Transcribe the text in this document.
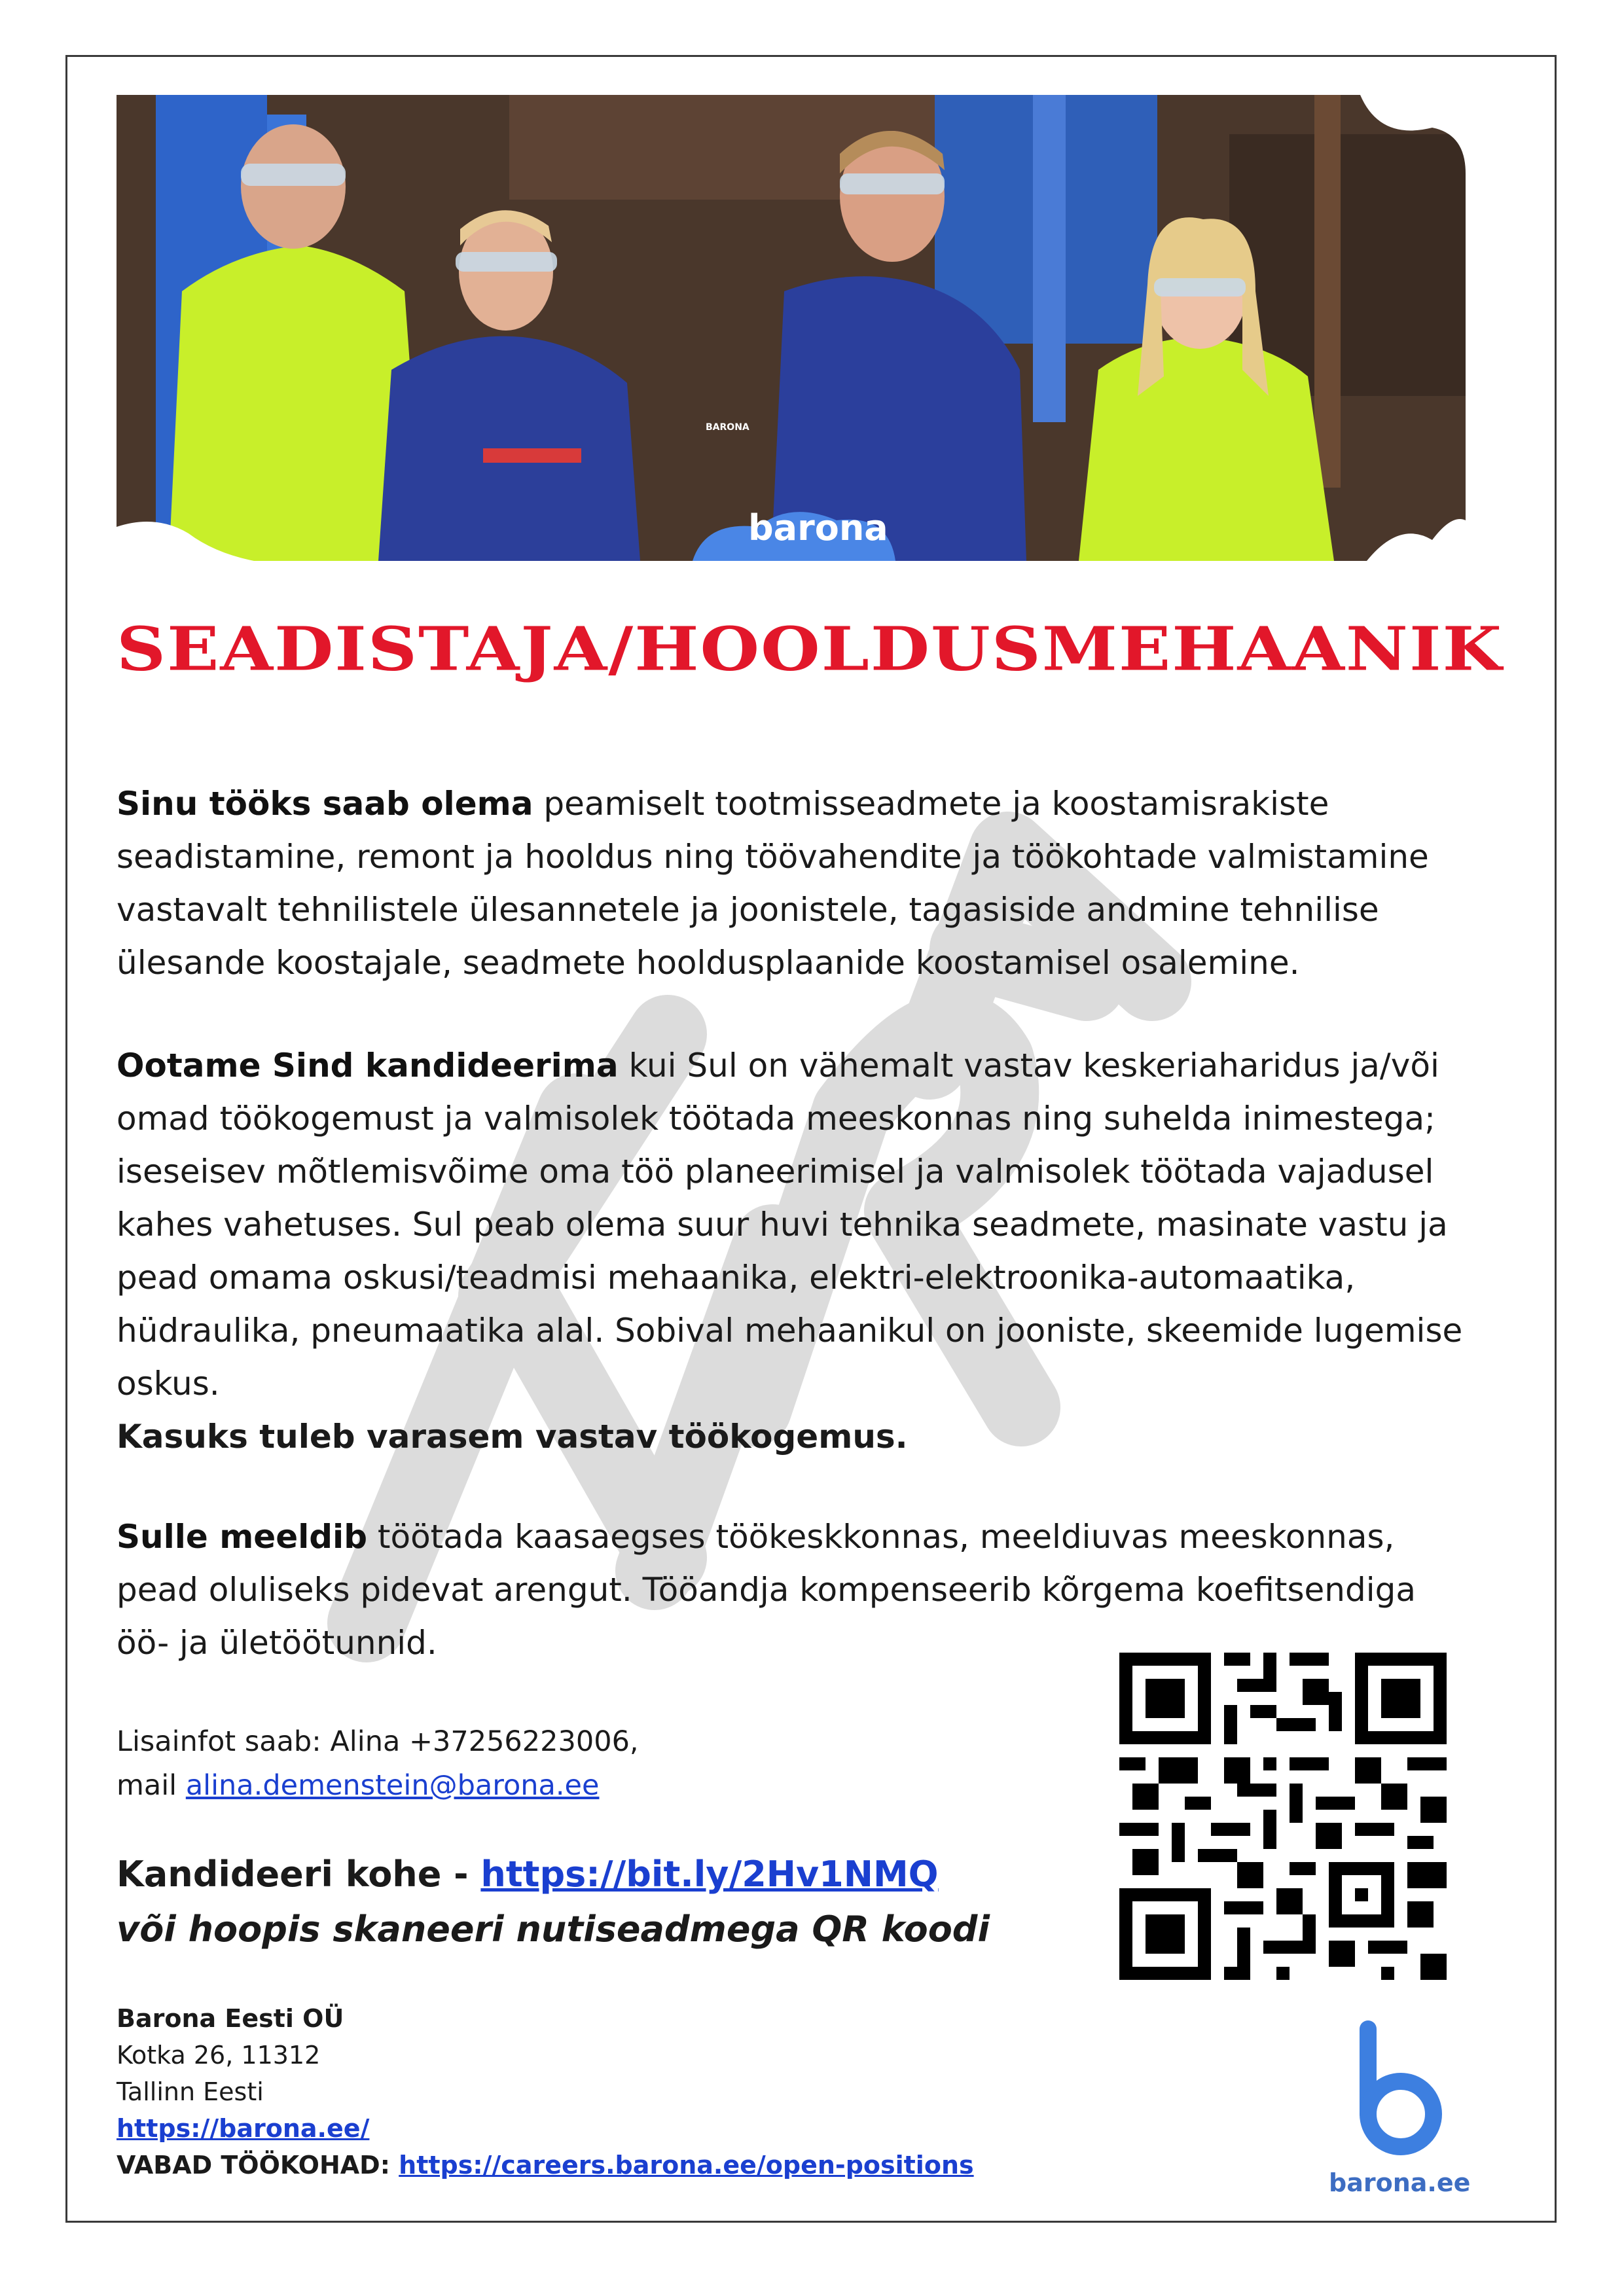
barona
BARONA
SEADISTAJA/HOOLDUSMEHAANIK

Sinu tööks saab olema peamiselt tootmisseadmete ja koostamisrakiste seadistamine, remont ja hooldus ning töövahendite ja töökohtade valmistamine vastavalt tehnilistele ülesannetele ja joonistele, tagasiside andmine tehnilise ülesande koostajale, seadmete hooldusplaanide koostamisel osalemine.

Ootame Sind kandideerima kui Sul on vähemalt vastav keskeriaharidus ja/või omad töökogemust ja valmisolek töötada meeskonnas ning suhelda inimestega; iseseisev mõtlemisvõime oma töö planeerimisel ja valmisolek töötada vajadusel kahes vahetuses. Sul peab olema suur huvi tehnika seadmete, masinate vastu ja pead omama oskusi/teadmisi mehaanika, elektri-elektroonika-automaatika, hüdraulika, pneumaatika alal. Sobival mehaanikul on jooniste, skeemide lugemise oskus.
Kasuks tuleb varasem vastav töökogemus.

Sulle meeldib töötada kaasaegses töökeskkonnas, meeldiuvas meeskonnas, pead oluliseks pidevat arengut. Tööandja kompenseerib kõrgema koefitsendiga öö- ja ületöötunnid.

Lisainfot saab: Alina +37256223006,
mail alina.demenstein@barona.ee

Kandideeri kohe - https://bit.ly/2Hv1NMQ
või hoopis skaneeri nutiseadmega QR koodi

Barona Eesti OÜ
Kotka 26, 11312
Tallinn Eesti
https://barona.ee/
VABAD TÖÖKOHAD: https://careers.barona.ee/open-positions

barona.ee
